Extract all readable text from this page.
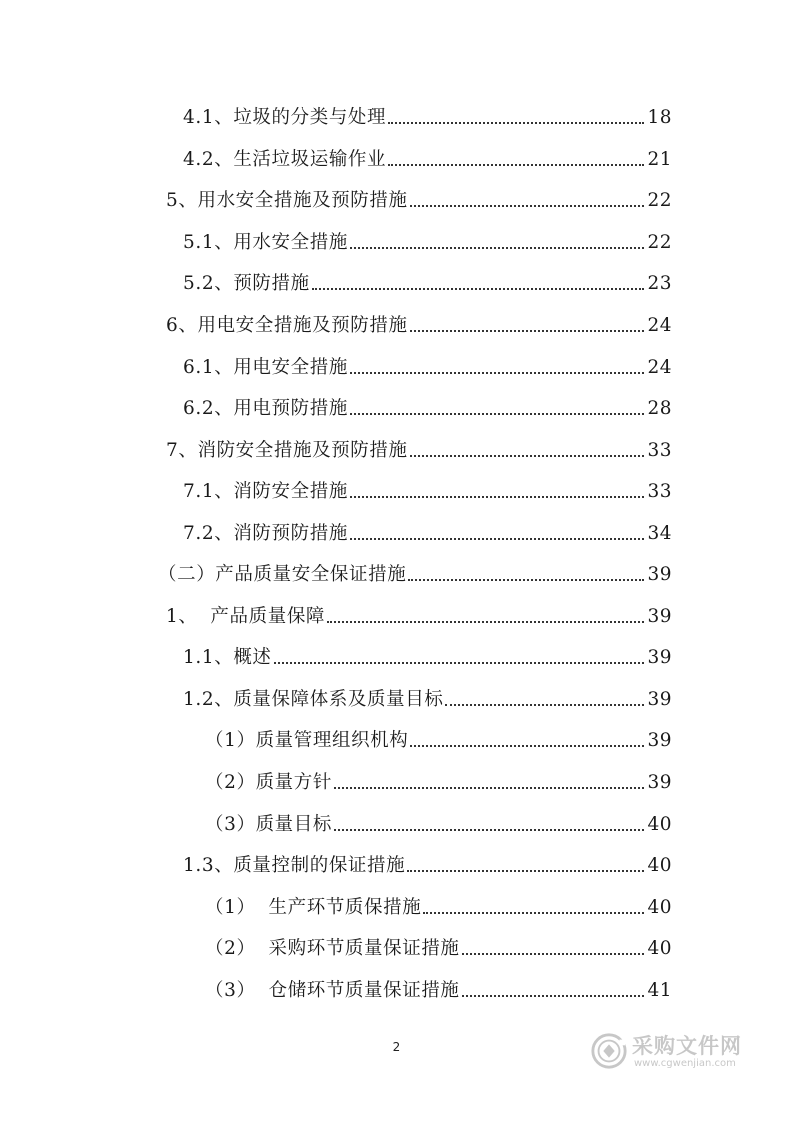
4.1、垃圾的分类与处理	18
4.2、生活垃圾运输作业	21
5、用水安全措施及预防措施	22
5.1、用水安全措施	22
5.2、预防措施	23
6、用电安全措施及预防措施	24
6.1、用电安全措施	24
6.2、用电预防措施	28
7、消防安全措施及预防措施	33
7.1、消防安全措施	33
7.2、消防预防措施	34
（二）产品质量安全保证措施	39
1、  产品质量保障	39
1.1、概述	39
1.2、质量保障体系及质量目标	39
（1）质量管理组织机构	39
（2）质量方针	39
（3）质量目标	40
1.3、质量控制的保证措施	40
（1）  生产环节质保措施	40
（2）  采购环节质量保证措施	40
（3）  仓储环节质量保证措施	41
2	采购文件网
www.cgwenjian.com
